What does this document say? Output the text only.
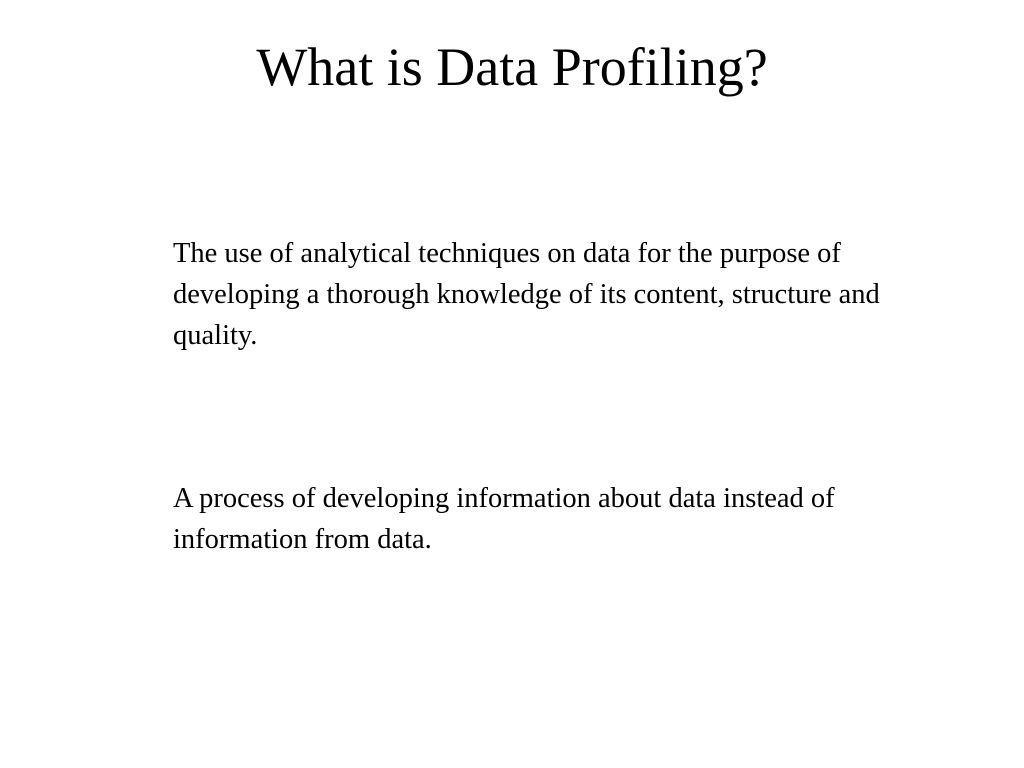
What is Data Profiling?

The use of analytical techniques on data for the purpose of developing a thorough knowledge of its content, structure and quality.

A process of developing information about data instead of information from data.
